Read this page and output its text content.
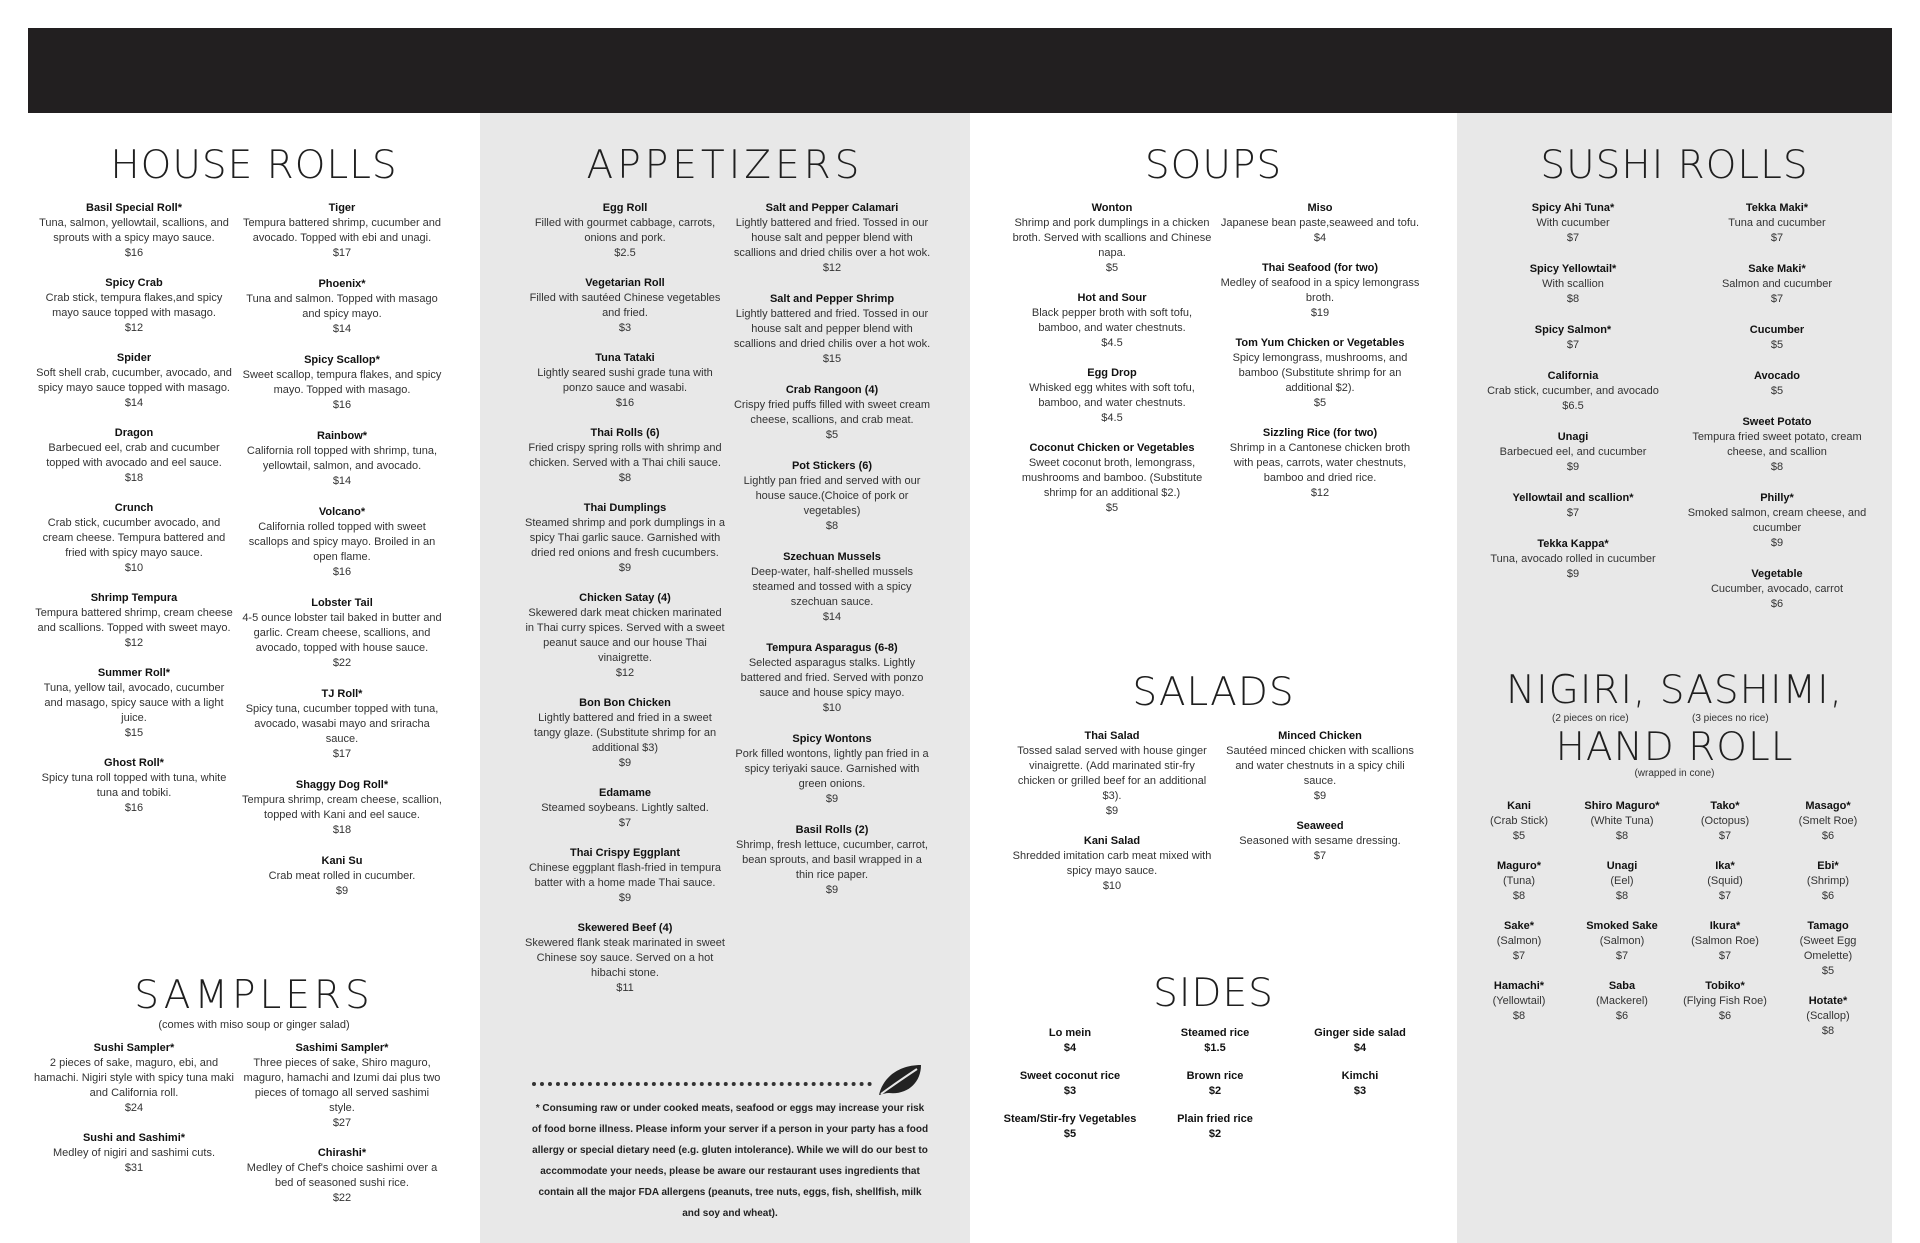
HOUSE ROLLS
Basil Special Roll*
Tuna, salmon, yellowtail, scallions, and sprouts with a spicy mayo sauce.
$16
Spicy Crab
Crab stick, tempura flakes,and spicy mayo sauce topped with masago.
$12
Spider
Soft shell crab, cucumber, avocado, and spicy mayo sauce topped with masago.
$14
Dragon
Barbecued eel, crab and cucumber topped with avocado and eel sauce.
$18
Crunch
Crab stick, cucumber avocado, and cream cheese. Tempura battered and fried with spicy mayo sauce.
$10
Shrimp Tempura
Tempura battered shrimp, cream cheese and scallions. Topped with sweet mayo.
$12
Summer Roll*
Tuna, yellow tail, avocado, cucumber and masago, spicy sauce with a light juice.
$15
Ghost Roll*
Spicy tuna roll topped with tuna, white tuna and tobiki.
$16
Tiger
Tempura battered shrimp, cucumber and avocado. Topped with ebi and unagi.
$17
Phoenix*
Tuna and salmon. Topped with masago and spicy mayo.
$14
Spicy Scallop*
Sweet scallop, tempura flakes, and spicy mayo. Topped with masago.
$16
Rainbow*
California roll topped with shrimp, tuna, yellowtail, salmon, and avocado.
$14
Volcano*
California rolled topped with sweet scallops and spicy mayo. Broiled in an open flame.
$16
Lobster Tail
4-5 ounce lobster tail baked in butter and garlic. Cream cheese, scallions, and avocado, topped with house sauce.
$22
TJ Roll*
Spicy tuna, cucumber topped with tuna, avocado, wasabi mayo and sriracha sauce.
$17
Shaggy Dog Roll*
Tempura shrimp, cream cheese, scallion, topped with Kani and eel sauce.
$18
Kani Su
Crab meat rolled in cucumber.
$9
SAMPLERS
(comes with miso soup or ginger salad)
Sushi Sampler*
2 pieces of sake, maguro, ebi, and hamachi. Nigiri style with spicy tuna maki and California roll.
$24
Sushi and Sashimi*
Medley of nigiri and sashimi cuts.
$31
Sashimi Sampler*
Three pieces of sake, Shiro maguro, maguro, hamachi and Izumi dai plus two pieces of tomago all served sashimi style.
$27
Chirashi*
Medley of Chef's choice sashimi over a bed of seasoned sushi rice.
$22
APPETIZERS
Egg Roll
Filled with gourmet cabbage, carrots, onions and pork.
$2.5
Vegetarian Roll
Filled with sautéed Chinese vegetables and fried.
$3
Tuna Tataki
Lightly seared sushi grade tuna with ponzo sauce and wasabi.
$16
Thai Rolls (6)
Fried crispy spring rolls with shrimp and chicken. Served with a Thai chili sauce.
$8
Thai Dumplings
Steamed shrimp and pork dumplings in a spicy Thai garlic sauce. Garnished with dried red onions and fresh cucumbers.
$9
Chicken Satay (4)
Skewered dark meat chicken marinated in Thai curry spices. Served with a sweet peanut sauce and our house Thai vinaigrette.
$12
Bon Bon Chicken
Lightly battered and fried in a sweet tangy glaze. (Substitute shrimp for an additional $3)
$9
Edamame
Steamed soybeans. Lightly salted.
$7
Thai Crispy Eggplant
Chinese eggplant flash-fried in tempura batter with a home made Thai sauce.
$9
Skewered Beef (4)
Skewered flank steak marinated in sweet Chinese soy sauce. Served on a hot hibachi stone.
$11
Salt and Pepper Calamari
Lightly battered and fried. Tossed in our house salt and pepper blend with scallions and dried chilis over a hot wok.
$12
Salt and Pepper Shrimp
Lightly battered and fried. Tossed in our house salt and pepper blend with scallions and dried chilis over a hot wok.
$15
Crab Rangoon (4)
Crispy fried puffs filled with sweet cream cheese, scallions, and crab meat.
$5
Pot Stickers (6)
Lightly pan fried and served with our house sauce.(Choice of pork or vegetables)
$8
Szechuan Mussels
Deep-water, half-shelled mussels steamed and tossed with a spicy szechuan sauce.
$14
Tempura Asparagus (6-8)
Selected asparagus stalks. Lightly battered and fried. Served with ponzo sauce and house spicy mayo.
$10
Spicy Wontons
Pork filled wontons, lightly pan fried in a spicy teriyaki sauce. Garnished with green onions.
$9
Basil Rolls (2)
Shrimp, fresh lettuce, cucumber, carrot, bean sprouts, and basil wrapped in a thin rice paper.
$9
* Consuming raw or under cooked meats, seafood or eggs may increase your risk of food borne illness. Please inform your server if a person in your party has a food allergy or special dietary need (e.g. gluten intolerance). While we will do our best to accommodate your needs, please be aware our restaurant uses ingredients that contain all the major FDA allergens (peanuts, tree nuts, eggs, fish, shellfish, milk and soy and wheat).
SOUPS
Wonton
Shrimp and pork dumplings in a chicken broth. Served with scallions and Chinese napa.
$5
Hot and Sour
Black pepper broth with soft tofu, bamboo, and water chestnuts.
$4.5
Egg Drop
Whisked egg whites with soft tofu, bamboo, and water chestnuts.
$4.5
Coconut Chicken or Vegetables
Sweet coconut broth, lemongrass, mushrooms and bamboo. (Substitute shrimp for an additional $2.)
$5
Miso
Japanese bean paste,seaweed and tofu.
$4
Thai Seafood (for two)
Medley of seafood in a spicy lemongrass broth.
$19
Tom Yum Chicken or Vegetables
Spicy lemongrass, mushrooms, and bamboo (Substitute shrimp for an additional $2).
$5
Sizzling Rice (for two)
Shrimp in a Cantonese chicken broth with peas, carrots, water chestnuts, bamboo and dried rice.
$12
SALADS
Thai Salad
Tossed salad served with house ginger vinaigrette. (Add marinated stir-fry chicken or grilled beef for an additional $3).
$9
Kani Salad
Shredded imitation carb meat mixed with spicy mayo sauce.
$10
Minced Chicken
Sautéed minced chicken with scallions and water chestnuts in a spicy chili sauce.
$9
Seaweed
Seasoned with sesame dressing.
$7
SIDES
Lo mein
$4
Sweet coconut rice
$3
Steam/Stir-fry Vegetables
$5
Steamed rice
$1.5
Brown rice
$2
Plain fried rice
$2
Ginger side salad
$4
Kimchi
$3
SUSHI ROLLS
Spicy Ahi Tuna*
With cucumber
$7
Spicy Yellowtail*
With scallion
$8
Spicy Salmon*
$7
California
Crab stick, cucumber, and avocado
$6.5
Unagi
Barbecued eel, and cucumber
$9
Yellowtail and scallion*
$7
Tekka Kappa*
Tuna, avocado rolled in cucumber
$9
Tekka Maki*
Tuna and cucumber
$7
Sake Maki*
Salmon and cucumber
$7
Cucumber
$5
Avocado
$5
Sweet Potato
Tempura fried sweet potato, cream cheese, and scallion
$8
Philly*
Smoked salmon, cream cheese, and cucumber
$9
Vegetable
Cucumber, avocado, carrot
$6
NIGIRI, SASHIMI,
(2 pieces on rice)	(3 pieces no rice)
HAND ROLL
(wrapped in cone)
Kani
(Crab Stick)
$5
Maguro*
(Tuna)
$8
Sake*
(Salmon)
$7
Hamachi*
(Yellowtail)
$8
Shiro Maguro*
(White Tuna)
$8
Unagi
(Eel)
$8
Smoked Sake
(Salmon)
$7
Saba
(Mackerel)
$6
Tako*
(Octopus)
$7
Ika*
(Squid)
$7
Ikura*
(Salmon Roe)
$7
Tobiko*
(Flying Fish Roe)
$6
Masago*
(Smelt Roe)
$6
Ebi*
(Shrimp)
$6
Tamago
(Sweet Egg Omelette)
$5
Hotate*
(Scallop)
$8
